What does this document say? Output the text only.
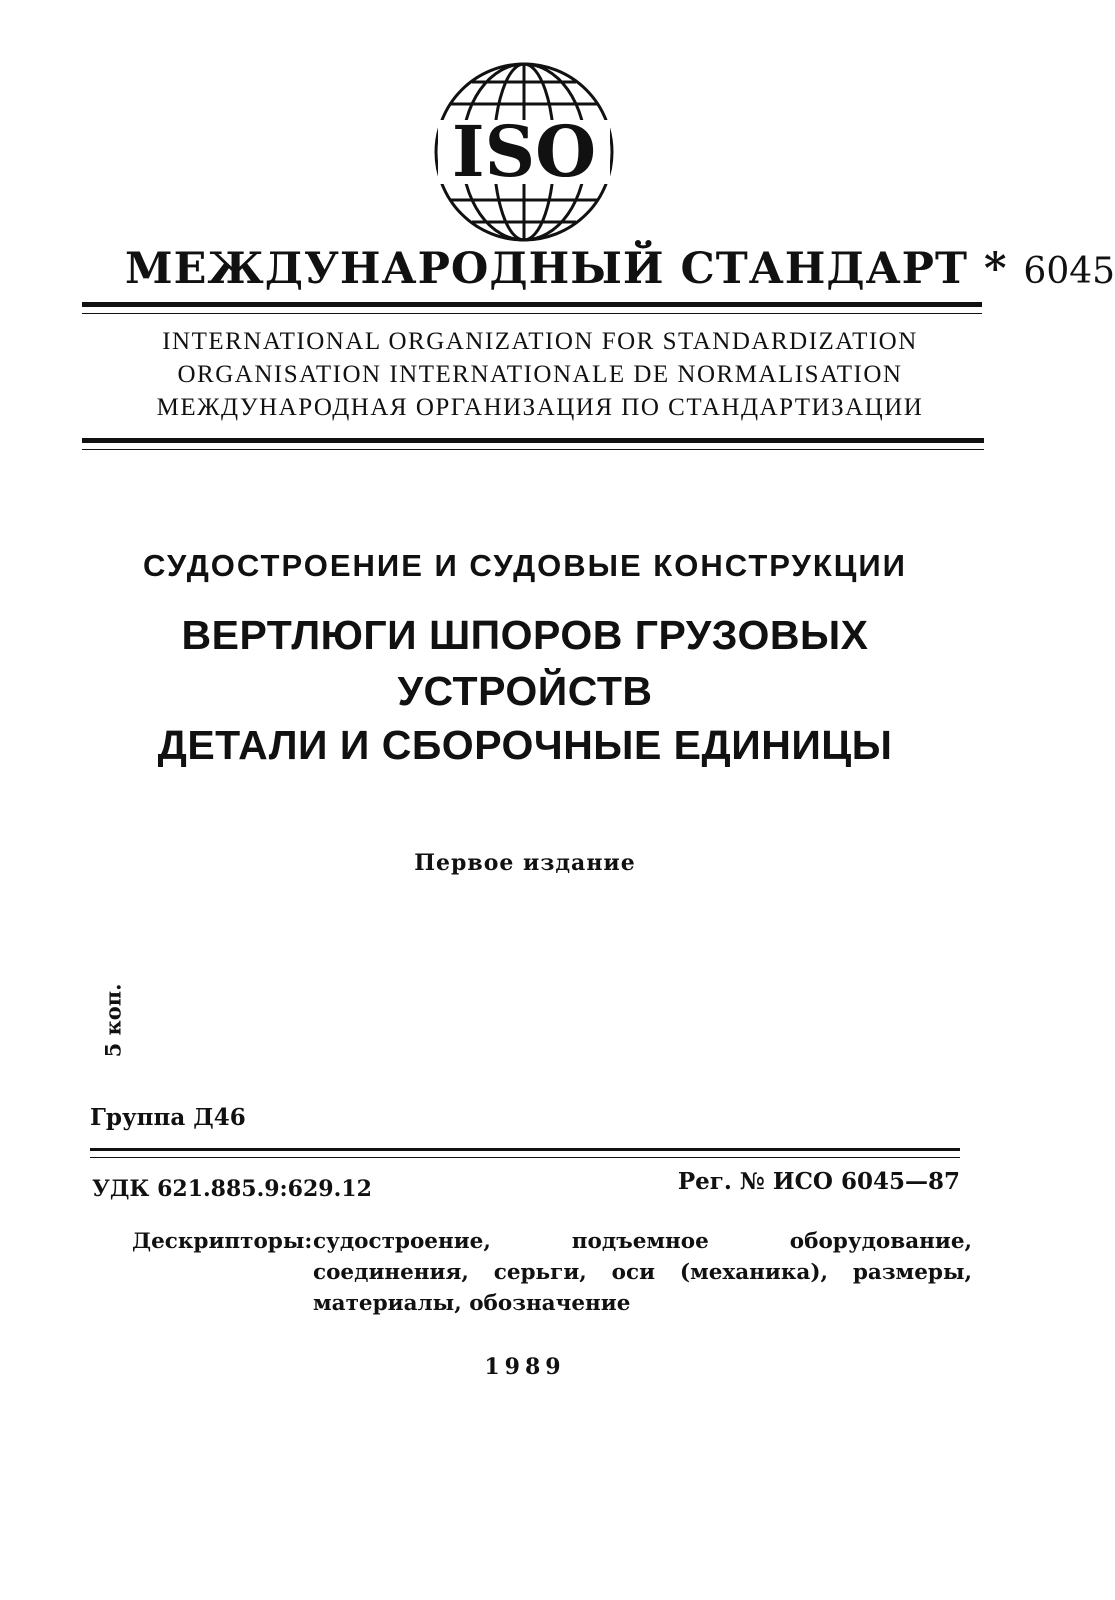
ISO
МЕЖДУНАРОДНЫЙ СТАНДАРТ * 6045
INTERNATIONAL ORGANIZATION FOR STANDARDIZATION
ORGANISATION INTERNATIONALE DE NORMALISATION
МЕЖДУНАРОДНАЯ ОРГАНИЗАЦИЯ ПО СТАНДАРТИЗАЦИИ
СУДОСТРОЕНИЕ И СУДОВЫЕ КОНСТРУКЦИИ
ВЕРТЛЮГИ ШПОРОВ ГРУЗОВЫХ
УСТРОЙСТВ
ДЕТАЛИ И СБОРОЧНЫЕ ЕДИНИЦЫ
Первое издание
5 коп.
Группа Д46
УДК 621.885.9:629.12	Рег. № ИСО 6045—87
Дескрипторы: судостроение, подъемное оборудование, соединения, серьги, оси (механика), размеры, материалы, обозначение
1989
